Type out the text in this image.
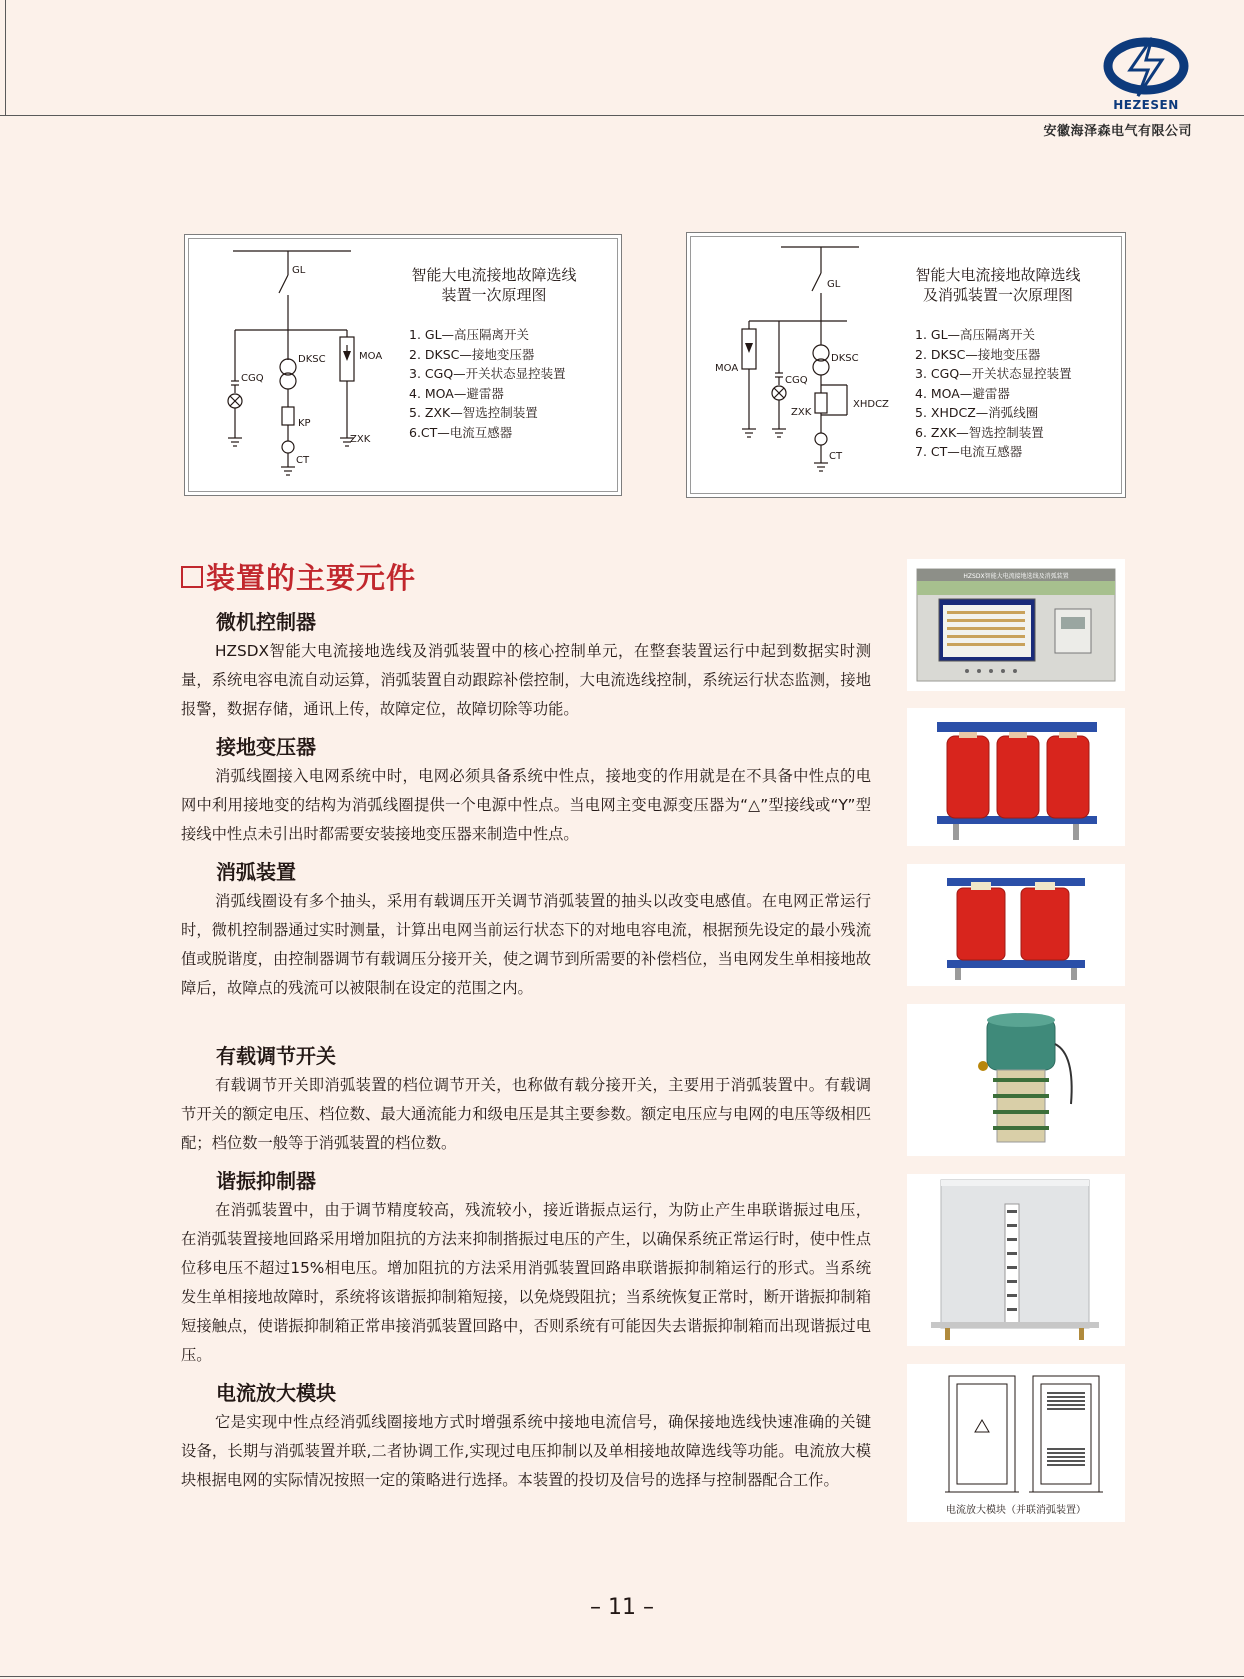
HEZESEN
安徽海泽森电气有限公司
GL
DKSC	MOA
CGQ
KP
ZXK
CT
智能大电流接地故障选线
装置一次原理图
1. GL—高压隔离开关
2. DKSC—接地变压器
3. CGQ—开关状态显控装置
4. MOA—避雷器
5. ZXK—智选控制装置
6.CT—电流互感器
GL
DKSC
MOA
CGQ
ZXK
XHDCZ
CT
智能大电流接地故障选线
及消弧装置一次原理图
1. GL—高压隔离开关
2. DKSC—接地变压器
3. CGQ—开关状态显控装置
4. MOA—避雷器
5. XHDCZ—消弧线圈
6. ZXK—智选控制装置
7. CT—电流互感器
装置的主要元件
微机控制器
HZSDX智能大电流接地选线及消弧装置中的核心控制单元，在整套装置运行中起到数据实时测量，系统电容电流自动运算，消弧装置自动跟踪补偿控制，大电流选线控制，系统运行状态监测，接地报警，数据存储，通讯上传，故障定位，故障切除等功能。
接地变压器
消弧线圈接入电网系统中时，电网必须具备系统中性点，接地变的作用就是在不具备中性点的电网中利用接地变的结构为消弧线圈提供一个电源中性点。当电网主变电源变压器为“△”型接线或“Y”型接线中性点未引出时都需要安装接地变压器来制造中性点。
消弧装置
消弧线圈设有多个抽头，采用有载调压开关调节消弧装置的抽头以改变电感值。在电网正常运行时，微机控制器通过实时测量，计算出电网当前运行状态下的对地电容电流，根据预先设定的最小残流值或脱谐度，由控制器调节有载调压分接开关，使之调节到所需要的补偿档位，当电网发生单相接地故障后，故障点的残流可以被限制在设定的范围之内。
有载调节开关
有载调节开关即消弧装置的档位调节开关，也称做有载分接开关，主要用于消弧装置中。有载调节开关的额定电压、档位数、最大通流能力和级电压是其主要参数。额定电压应与电网的电压等级相匹配；档位数一般等于消弧装置的档位数。
谐振抑制器
在消弧装置中，由于调节精度较高，残流较小，接近谐振点运行，为防止产生串联谐振过电压，在消弧装置接地回路采用增加阻抗的方法来抑制揩振过电压的产生，以确保系统正常运行时，使中性点位移电压不超过15%相电压。增加阻抗的方法采用消弧装置回路串联谐振抑制箱运行的形式。当系统发生单相接地故障时，系统将该谐振抑制箱短接，以免烧毁阻抗；当系统恢复正常时，断开谐振抑制箱短接触点，使谐振抑制箱正常串接消弧装置回路中，否则系统有可能因失去谐振抑制箱而出现谐振过电压。
电流放大模块
它是实现中性点经消弧线圈接地方式时增强系统中接地电流信号，确保接地选线快速准确的关键设备，长期与消弧装置并联,二者协调工作,实现过电压抑制以及单相接地故障选线等功能。电流放大模块根据电网的实际情况按照一定的策略进行选择。本装置的投切及信号的选择与控制器配合工作。
HZSDX智能大电流接地选线及消弧装置
电流放大模块（并联消弧装置）
– 11 –
